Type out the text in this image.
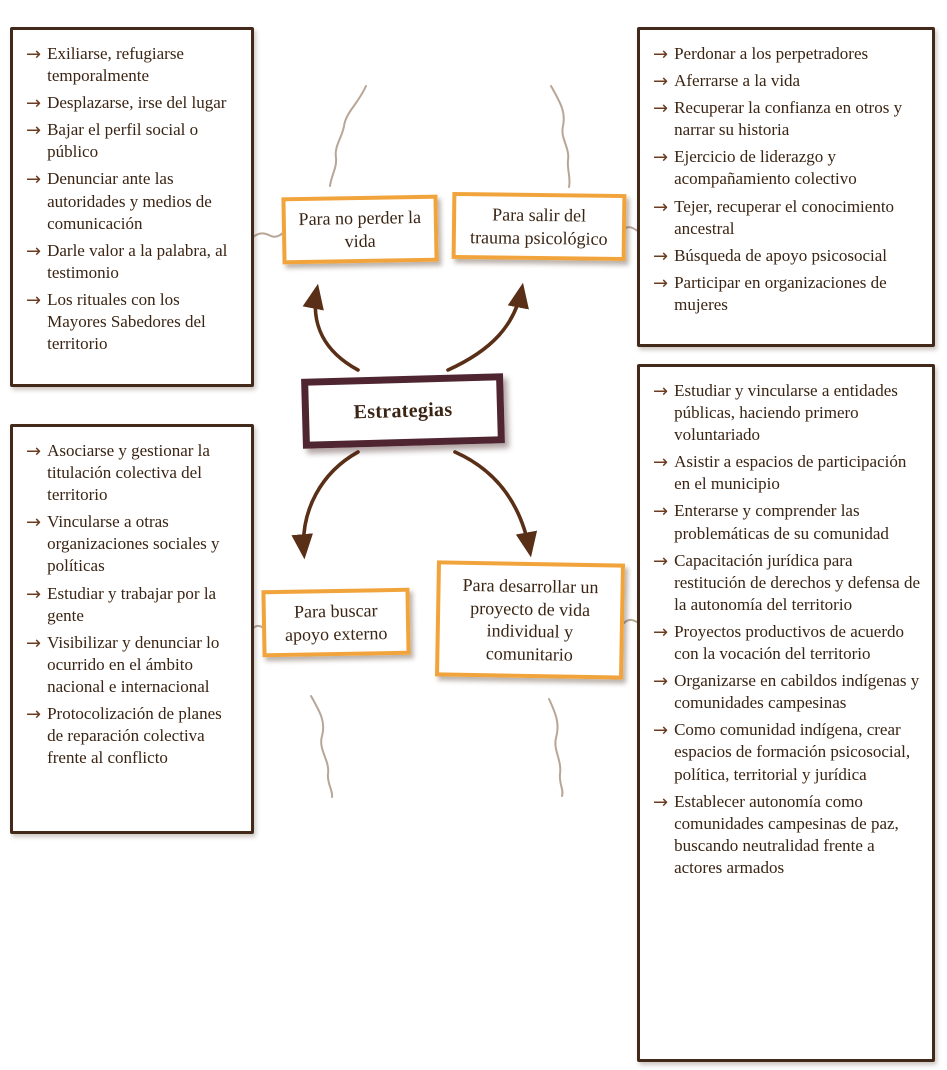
→ Exiliarse, refugiarse temporalmente
→ Desplazarse, irse del lugar
→ Bajar el perfil social o público
→ Denunciar ante las autoridades y medios de comunicación
→ Darle valor a la palabra, al testimonio
→ Los rituales con los Mayores Sabedores del territorio
→ Perdonar a los perpetradores
→ Aferrarse a la vida
→ Recuperar la confianza en otros y narrar su historia
→ Ejercicio de liderazgo y acompañamiento colectivo
→ Tejer, recuperar el conocimiento ancestral
→ Búsqueda de apoyo psicosocial
→ Participar en organizaciones de mujeres
→ Asociarse y gestionar la titulación colectiva del territorio
→ Vincularse a otras organizaciones sociales y políticas
→ Estudiar y trabajar por la gente
→ Visibilizar y denunciar lo ocurrido en el ámbito nacional e internacional
→ Protocolización de planes de reparación colectiva frente al conflicto
→ Estudiar y vincularse a entidades públicas, haciendo primero voluntariado
→ Asistir a espacios de participación en el municipio
→ Enterarse y comprender las problemáticas de su comunidad
→ Capacitación jurídica para restitución de derechos y defensa de la autonomía del territorio
→ Proyectos productivos de acuerdo con la vocación del territorio
→ Organizarse en cabildos indígenas y comunidades campesinas
→ Como comunidad indígena, crear espacios de formación psicosocial, política, territorial y jurídica
→ Establecer autonomía como comunidades campesinas de paz, buscando neutralidad frente a actores armados
Para no perder la vida
Para salir del trauma psicológico
Para buscar apoyo externo
Para desarrollar un proyecto de vida individual y comunitario
Estrategias
